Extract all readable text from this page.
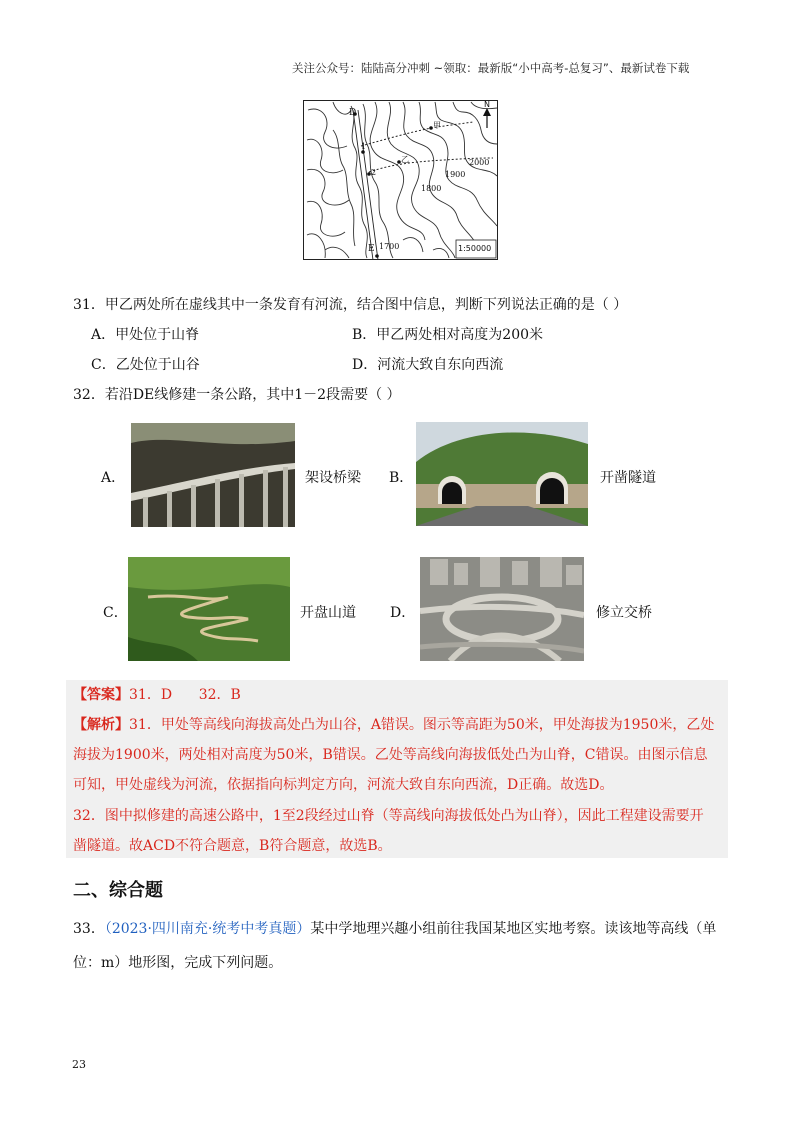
关注公众号：陆陆高分冲刺 ~领取：最新版“小中高考-总复习”、最新试卷下载
D
E
甲
乙
1
2
2000
1900
1800
1700
N
1:50000
31．甲乙两处所在虚线其中一条发育有河流，结合图中信息，判断下列说法正确的是（ ）
A．甲处位于山脊	B．甲乙两处相对高度为200米
C．乙处位于山谷	D．河流大致自东向西流
32．若沿DE线修建一条公路，其中1－2段需要（ ）
A．	架设桥梁 B．	开凿隧道
C．	开盘山道 D．	修立交桥
【答案】31．D      32．B
【解析】31．甲处等高线向海拔高处凸为山谷，A错误。图示等高距为50米，甲处海拔为1950米，乙处
海拔为1900米，两处相对高度为50米，B错误。乙处等高线向海拔低处凸为山脊，C错误。由图示信息
可知，甲处虚线为河流，依据指向标判定方向，河流大致自东向西流，D正确。故选D。
32．图中拟修建的高速公路中，1至2段经过山脊（等高线向海拔低处凸为山脊），因此工程建设需要开
凿隧道。故ACD不符合题意，B符合题意，故选B。
二、综合题
33．（2023·四川南充·统考中考真题）某中学地理兴趣小组前往我国某地区实地考察。读该地等高线（单
位：m）地形图，完成下列问题。
23
